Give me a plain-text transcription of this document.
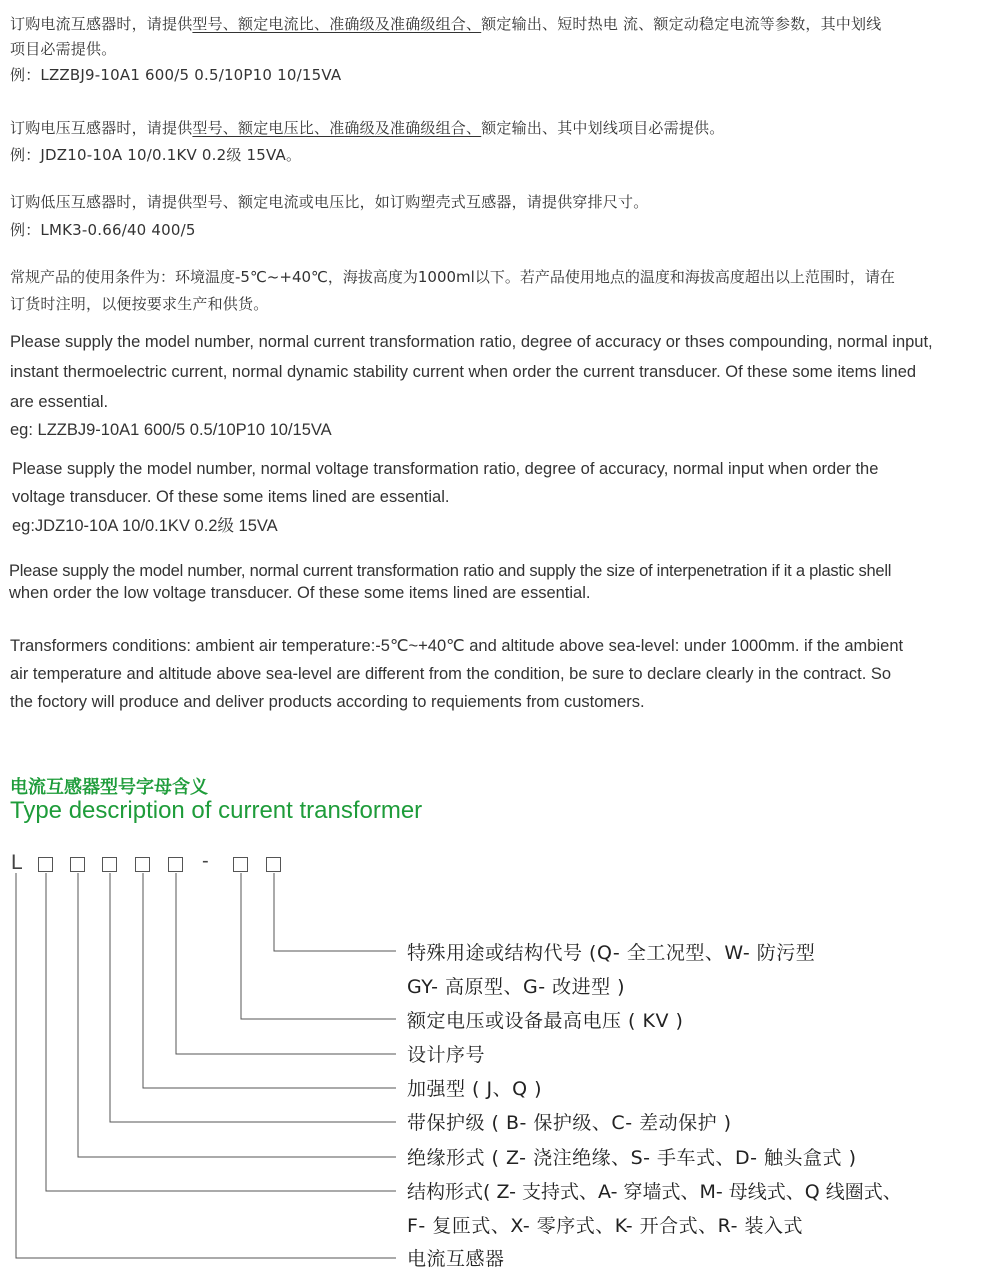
订购电流互感器时，请提供型号、额定电流比、准确级及准确级组合、额定输出、短时热电 流、额定动稳定电流等参数，其中划线

项目必需提供。

例：LZZBJ9-10A1 600/5 0.5/10P10 10/15VA

订购电压互感器时，请提供型号、额定电压比、准确级及准确级组合、额定输出、其中划线项目必需提供。

例：JDZ10-10A 10/0.1KV 0.2级 15VA。

订购低压互感器时，请提供型号、额定电流或电压比，如订购塑壳式互感器，请提供穿排尺寸。

例：LMK3-0.66/40 400/5

常规产品的使用条件为：环境温度-5℃~+40℃，海拔高度为1000ml以下。若产品使用地点的温度和海拔高度超出以上范围时，请在

订货时注明，以便按要求生产和供货。

Please supply the model number, normal current transformation ratio, degree of accuracy or thses compounding, normal input,

instant thermoelectric current, normal dynamic stability current when order the current transducer. Of these some items lined

are essential.

eg: LZZBJ9-10A1 600/5 0.5/10P10 10/15VA

Please supply the model number, normal voltage transformation ratio, degree of accuracy, normal input when order the

voltage transducer. Of these some items lined are essential.

eg:JDZ10-10A 10/0.1KV 0.2级 15VA

Please supply the model number, normal current transformation ratio and supply the size of interpenetration if it a plastic shell

when order the low voltage transducer. Of these some items lined are essential.

Transformers conditions: ambient air temperature:-5℃~+40℃ and altitude above sea-level: under 1000mm. if the ambient

air temperature and altitude above sea-level are different from the condition, be sure to declare clearly in the contract. So

the foctory will produce and deliver products according to requiements from customers.

电流互感器型号字母含义

Type description of current transformer

L	-

特殊用途或结构代号 (Q- 全工况型、W- 防污型

GY- 高原型、G- 改进型 )

额定电压或设备最高电压 ( KV )

设计序号

加强型 ( J、Q )

带保护级 ( B- 保护级、C- 差动保护 )

绝缘形式 ( Z- 浇注绝缘、S- 手车式、D- 触头盒式 )

结构形式( Z- 支持式、A- 穿墙式、M- 母线式、Q 线圈式、

F- 复匝式、X- 零序式、K- 开合式、R- 装入式

电流互感器
